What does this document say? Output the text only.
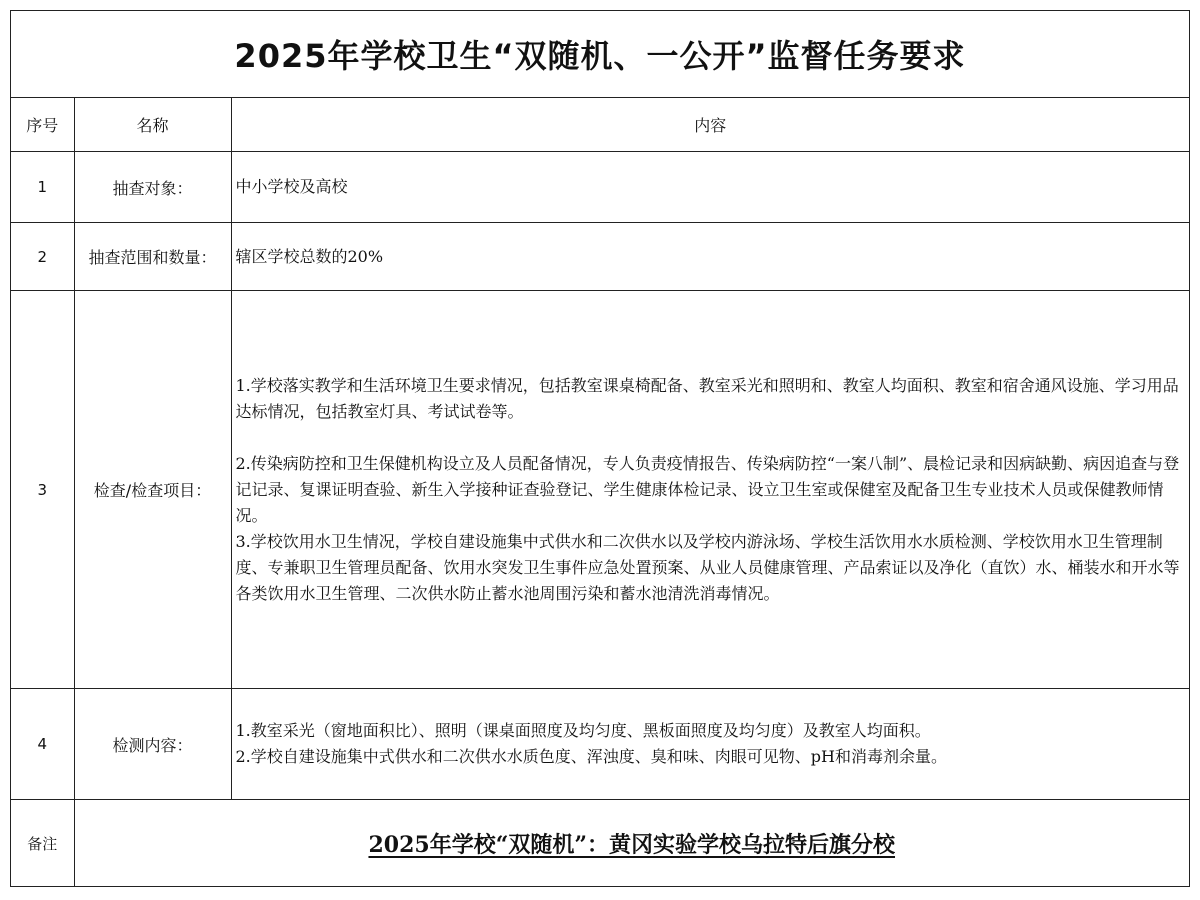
2025年学校卫生“双随机、一公开”监督任务要求
序号	名称	内容
1	抽查对象：	中小学校及高校

2	抽查范围和数量：	辖区学校总数的20%

3	检查/检查项目：	1.学校落实教学和生活环境卫生要求情况，包括教室课桌椅配备、教室采光和照明和、教室人均面积、教室和宿舍通风设施、学习用品达标情况，包括教室灯具、考试试卷等。

2.传染病防控和卫生保健机构设立及人员配备情况，专人负责疫情报告、传染病防控“一案八制”、晨检记录和因病缺勤、病因追查与登记记录、复课证明查验、新生入学接种证查验登记、学生健康体检记录、设立卫生室或保健室及配备卫生专业技术人员或保健教师情况。

3.学校饮用水卫生情况，学校自建设施集中式供水和二次供水以及学校内游泳场、学校生活饮用水水质检测、学校饮用水卫生管理制度、专兼职卫生管理员配备、饮用水突发卫生事件应急处置预案、从业人员健康管理、产品索证以及净化（直饮）水、桶装水和开水等各类饮用水卫生管理、二次供水防止蓄水池周围污染和蓄水池清洗消毒情况。

4	检测内容：	1.教室采光（窗地面积比）、照明（课桌面照度及均匀度、黑板面照度及均匀度）及教室人均面积。

2.学校自建设施集中式供水和二次供水水质色度、浑浊度、臭和味、肉眼可见物、pH和消毒剂余量。

备注	2025年学校“双随机”：黄冈实验学校乌拉特后旗分校	
